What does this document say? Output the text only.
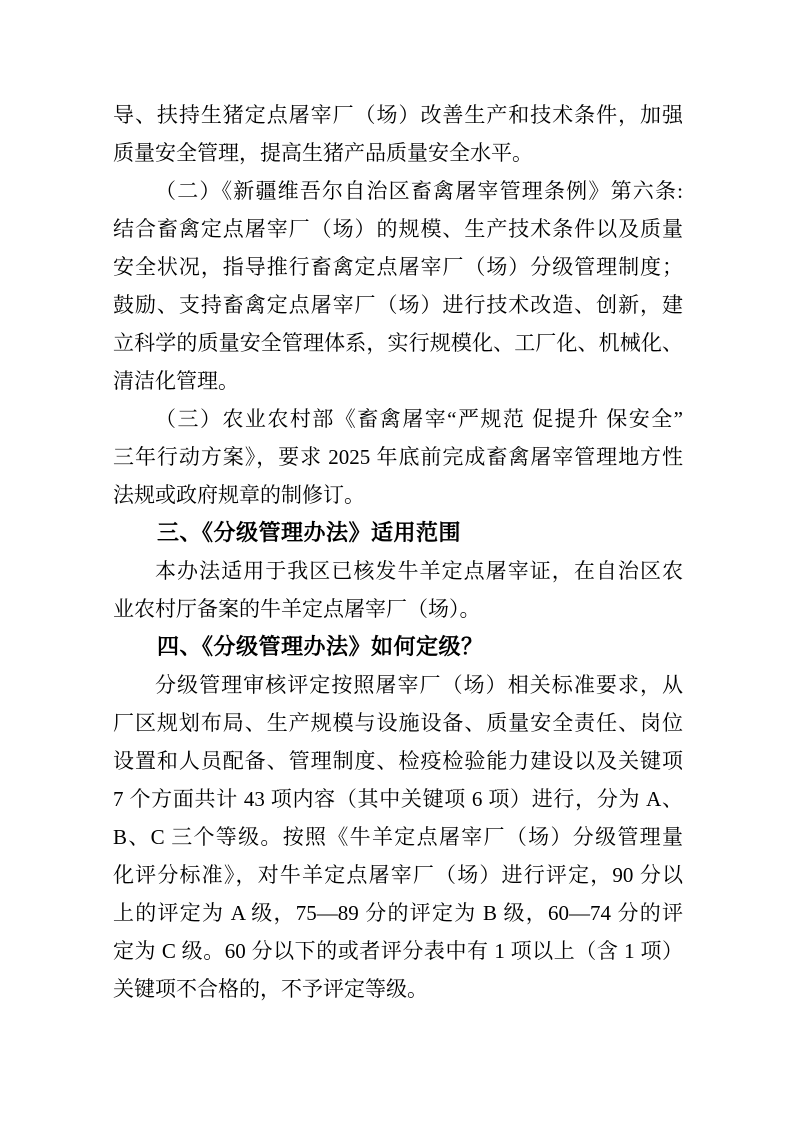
导、扶持生猪定点屠宰厂（场）改善生产和技术条件，加强
质量安全管理，提高生猪产品质量安全水平。
（二）《新疆维吾尔自治区畜禽屠宰管理条例》第六条:
结合畜禽定点屠宰厂（场）的规模、生产技术条件以及质量
安全状况，指导推行畜禽定点屠宰厂（场）分级管理制度；
鼓励、支持畜禽定点屠宰厂（场）进行技术改造、创新，建
立科学的质量安全管理体系，实行规模化、工厂化、机械化、
清洁化管理。
（三）农业农村部《畜禽屠宰“严规范 促提升 保安全”
三年行动方案》，要求 2025 年底前完成畜禽屠宰管理地方性
法规或政府规章的制修订。
三、《分级管理办法》适用范围
本办法适用于我区已核发牛羊定点屠宰证，在自治区农
业农村厅备案的牛羊定点屠宰厂（场）。
四、《分级管理办法》如何定级？
分级管理审核评定按照屠宰厂（场）相关标准要求，从
厂区规划布局、生产规模与设施设备、质量安全责任、岗位
设置和人员配备、管理制度、检疫检验能力建设以及关键项
7 个方面共计 43 项内容（其中关键项 6 项）进行，分为 A、
B、C 三个等级。按照《牛羊定点屠宰厂（场）分级管理量
化评分标准》，对牛羊定点屠宰厂（场）进行评定，90 分以
上的评定为 A 级，75—89 分的评定为 B 级，60—74 分的评
定为 C 级。60 分以下的或者评分表中有 1 项以上（含 1 项）
关键项不合格的，不予评定等级。
